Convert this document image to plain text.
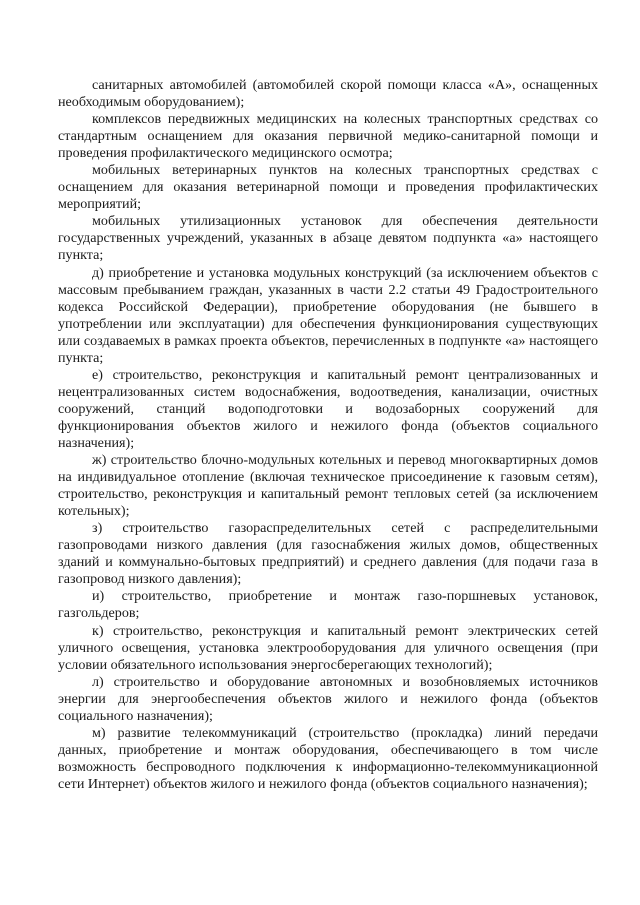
санитарных автомобилей (автомобилей скорой помощи класса «А», оснащенных необходимым оборудованием);

комплексов передвижных медицинских на колесных транспортных средствах со стандартным оснащением для оказания первичной медико-санитарной помощи и проведения профилактического медицинского осмотра;

мобильных ветеринарных пунктов на колесных транспортных средствах с оснащением для оказания ветеринарной помощи и проведения профилактических мероприятий;

мобильных утилизационных установок для обеспечения деятельности государственных учреждений, указанных в абзаце девятом подпункта «а» настоящего пункта;

д) приобретение и установка модульных конструкций (за исключением объектов с массовым пребыванием граждан, указанных в части 2.2 статьи 49 Градостроительного кодекса Российской Федерации), приобретение оборудования (не бывшего в употреблении или эксплуатации) для обеспечения функционирования существующих или создаваемых в рамках проекта объектов, перечисленных в подпункте «а» настоящего пункта;

е) строительство, реконструкция и капитальный ремонт централизованных и нецентрализованных систем водоснабжения, водоотведения, канализации, очистных сооружений, станций водоподготовки и водозаборных сооружений для функционирования объектов жилого и нежилого фонда (объектов социального назначения);

ж) строительство блочно-модульных котельных и перевод многоквартирных домов на индивидуальное отопление (включая техническое присоединение к газовым сетям), строительство, реконструкция и капитальный ремонт тепловых сетей (за исключением котельных);

з) строительство газораспределительных сетей с распределительными газопроводами низкого давления (для газоснабжения жилых домов, общественных зданий и коммунально-бытовых предприятий) и среднего давления (для подачи газа в газопровод низкого давления);

и) строительство, приобретение и монтаж газо-поршневых установок, газгольдеров;

к) строительство, реконструкция и капитальный ремонт электрических сетей уличного освещения, установка электрооборудования для уличного освещения (при условии обязательного использования энергосберегающих технологий);

л) строительство и оборудование автономных и возобновляемых источников энергии для энергообеспечения объектов жилого и нежилого фонда (объектов социального назначения);

м) развитие телекоммуникаций (строительство (прокладка) линий передачи данных, приобретение и монтаж оборудования, обеспечивающего в том числе возможность беспроводного подключения к информационно-телекоммуникационной сети Интернет) объектов жилого и нежилого фонда (объектов социального назначения);
